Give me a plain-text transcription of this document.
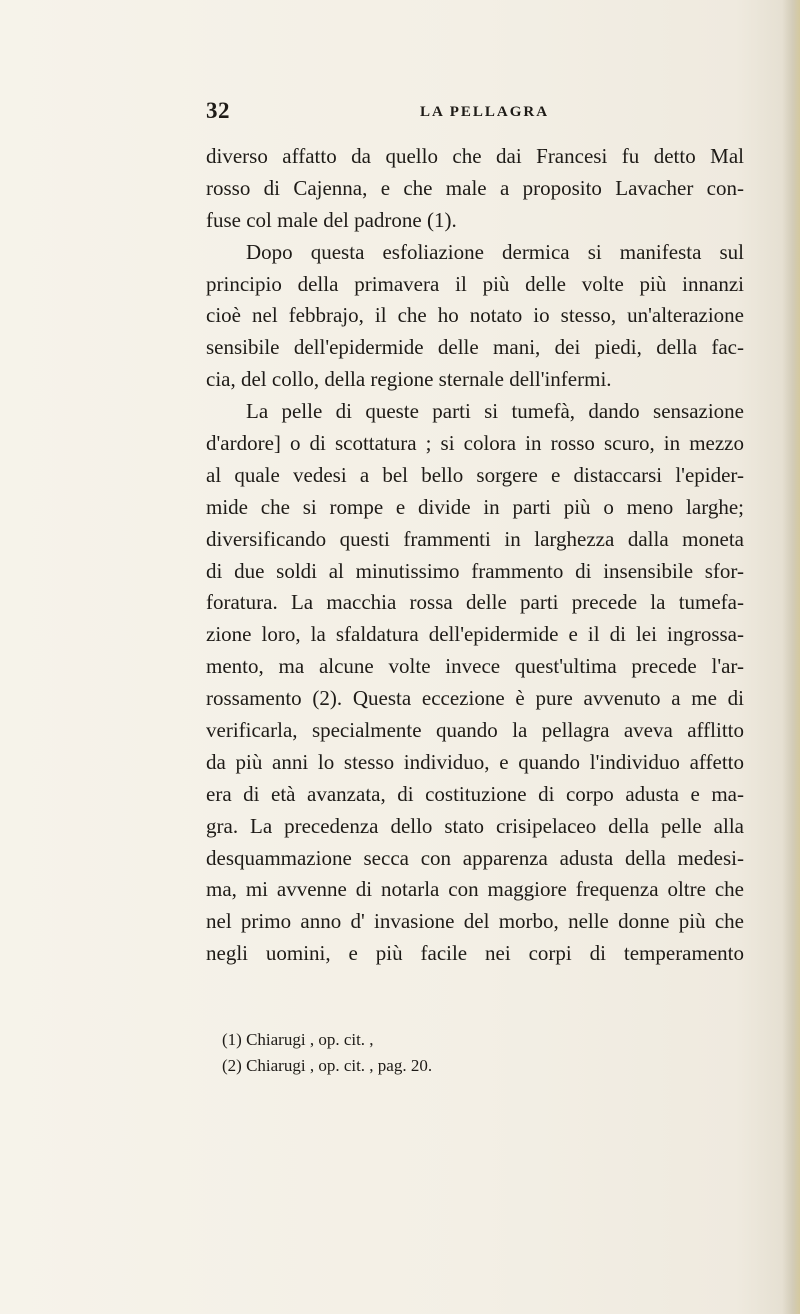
32	LA PELLAGRA
diverso affatto da quello che dai Francesi fu detto Mal
rosso di Cajenna, e che male a proposito Lavacher con-
fuse col male del padrone (1).
Dopo questa esfoliazione dermica si manifesta sul
principio della primavera il più delle volte più innanzi
cioè nel febbrajo, il che ho notato io stesso, un'alterazione
sensibile dell'epidermide delle mani, dei piedi, della fac-
cia, del collo, della regione sternale dell'infermi.
La pelle di queste parti si tumefà, dando sensazione
d'ardore] o di scottatura ; si colora in rosso scuro, in mezzo
al quale vedesi a bel bello sorgere e distaccarsi l'epider-
mide che si rompe e divide in parti più o meno larghe;
diversificando questi frammenti in larghezza dalla moneta
di due soldi al minutissimo frammento di insensibile sfor-
foratura. La macchia rossa delle parti precede la tumefa-
zione loro, la sfaldatura dell'epidermide e il di lei ingrossa-
mento, ma alcune volte invece quest'ultima precede l'ar-
rossamento (2). Questa eccezione è pure avvenuto a me di
verificarla, specialmente quando la pellagra aveva afflitto
da più anni lo stesso individuo, e quando l'individuo affetto
era di età avanzata, di costituzione di corpo adusta e ma-
gra. La precedenza dello stato crisipelaceo della pelle alla
desquammazione secca con apparenza adusta della medesi-
ma, mi avvenne di notarla con maggiore frequenza oltre che
nel primo anno d' invasione del morbo, nelle donne più che
negli uomini, e più facile nei corpi di temperamento
(1) Chiarugi , op. cit. ,
(2) Chiarugi , op. cit. , pag. 20.
